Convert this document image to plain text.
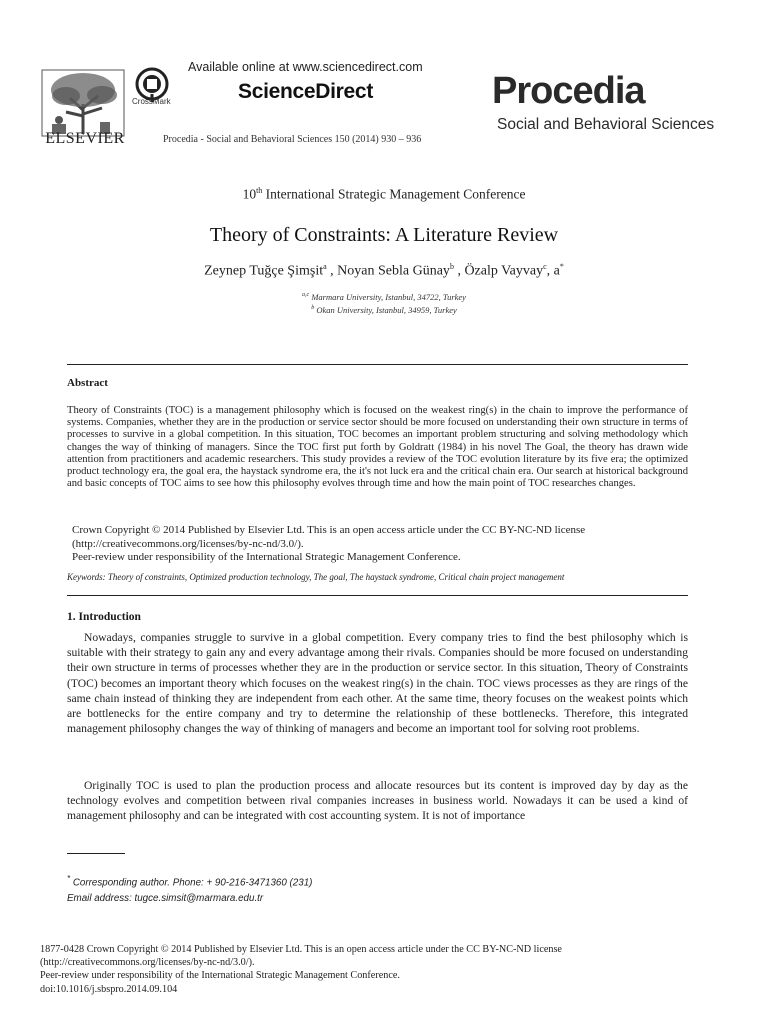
ELSEVIER
CrossMark
Available online at www.sciencedirect.com
ScienceDirect
Procedia - Social and Behavioral Sciences 150 (2014) 930 – 936
Procedia
Social and Behavioral Sciences
10th International Strategic Management Conference
Theory of Constraints: A Literature Review
Zeynep Tuğçe Şimşit$^a$ , Noyan Sebla Günay$^b$ , Özalp Vayvay$^c$, a*
$^{a,c}$ Marmara University, Istanbul, 34722, Turkey
$^b$ Okan University, Istanbul, 34959, Turkey
Abstract
Theory of Constraints (TOC) is a management philosophy which is focused on the weakest ring(s) in the chain to improve the performance of systems. Companies, whether they are in the production or service sector should be more focused on understanding their own structure in terms of processes to survive in a global competition. In this situation, TOC becomes an important problem structuring and solving methodology which changes the way of thinking of managers. Since the TOC first put forth by Goldratt (1984) in his novel The Goal, the theory has drawn wide attention from practitioners and academic researchers. This study provides a review of the TOC evolution literature by its five era; the optimized product technology era, the goal era, the haystack syndrome era, the it's not luck era and the critical chain era. Our search at historical background and basic concepts of TOC aims to see how this philosophy evolves through time and how the main point of TOC researches changes.
Crown Copyright © 2014 Published by Elsevier Ltd. This is an open access article under the CC BY-NC-ND license
(http://creativecommons.org/licenses/by-nc-nd/3.0/).
Peer-review under responsibility of the International Strategic Management Conference.
Keywords: Theory of constraints, Optimized production technology, The goal, The haystack syndrome, Critical chain project management
1. Introduction
Nowadays, companies struggle to survive in a global competition. Every company tries to find the best philosophy which is suitable with their strategy to gain any and every advantage among their rivals. Companies should be more focused on understanding their own structure in terms of processes whether they are in the production or service sector. In this situation, Theory of Constraints (TOC) becomes an important theory which focuses on the weakest ring(s) in the chain. TOC views processes as they are rings of the same chain instead of thinking they are independent from each other. At the same time, theory focuses on the weakest points which are bottlenecks for the entire company and try to determine the relationship of these bottlenecks. Therefore, this integrated management philosophy changes the way of thinking of managers and become an important tool for solving root problems.
Originally TOC is used to plan the production process and allocate resources but its content is improved day by day as the technology evolves and competition between rival companies increases in business world. Nowadays it can be used a kind of management philosophy and can be integrated with cost accounting system. It is not of importance
* Corresponding author. Phone: + 90-216-3471360 (231)
Email address: tugce.simsit@marmara.edu.tr
1877-0428 Crown Copyright © 2014 Published by Elsevier Ltd. This is an open access article under the CC BY-NC-ND license
(http://creativecommons.org/licenses/by-nc-nd/3.0/).
Peer-review under responsibility of the International Strategic Management Conference.
doi:10.1016/j.sbspro.2014.09.104
